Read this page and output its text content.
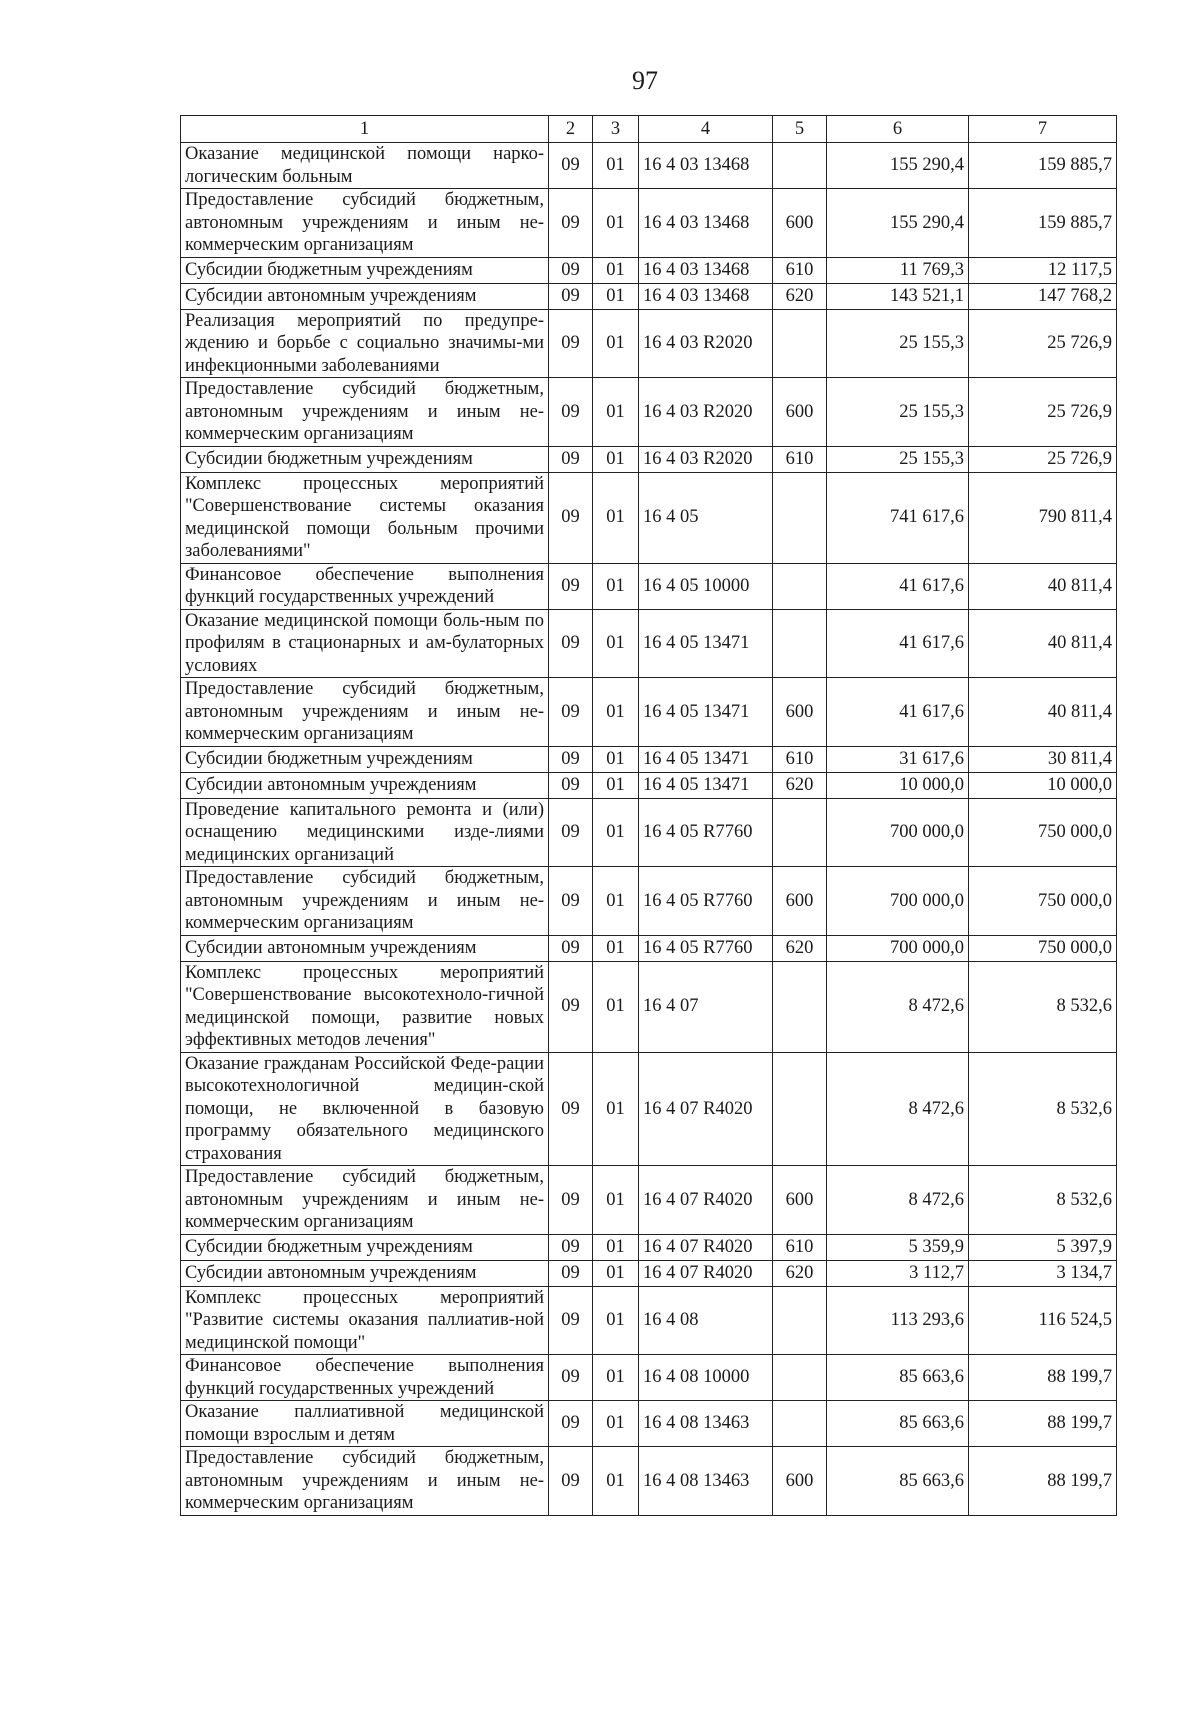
97
1	2	3	4	5	6	7
Оказание медицинской помощи нарко-логическим больным	09	01	16 4 03 13468		155 290,4	159 885,7
Предоставление субсидий бюджетным, автономным учреждениям и иным не-коммерческим организациям	09	01	16 4 03 13468	600	155 290,4	159 885,7
Субсидии бюджетным учреждениям	09	01	16 4 03 13468	610	11 769,3	12 117,5
Субсидии автономным учреждениям	09	01	16 4 03 13468	620	143 521,1	147 768,2
Реализация мероприятий по предупре-ждению и борьбе с социально значимы-ми инфекционными заболеваниями	09	01	16 4 03 R2020		25 155,3	25 726,9
Предоставление субсидий бюджетным, автономным учреждениям и иным не-коммерческим организациям	09	01	16 4 03 R2020	600	25 155,3	25 726,9
Субсидии бюджетным учреждениям	09	01	16 4 03 R2020	610	25 155,3	25 726,9
Комплекс процессных мероприятий "Совершенствование системы оказания медицинской помощи больным прочими заболеваниями"	09	01	16 4 05		741 617,6	790 811,4
Финансовое обеспечение выполнения функций государственных учреждений	09	01	16 4 05 10000		41 617,6	40 811,4
Оказание медицинской помощи боль-ным по профилям в стационарных и ам-булаторных условиях	09	01	16 4 05 13471		41 617,6	40 811,4
Предоставление субсидий бюджетным, автономным учреждениям и иным не-коммерческим организациям	09	01	16 4 05 13471	600	41 617,6	40 811,4
Субсидии бюджетным учреждениям	09	01	16 4 05 13471	610	31 617,6	30 811,4
Субсидии автономным учреждениям	09	01	16 4 05 13471	620	10 000,0	10 000,0
Проведение капитального ремонта и (или) оснащению медицинскими изде-лиями медицинских организаций	09	01	16 4 05 R7760		700 000,0	750 000,0
Предоставление субсидий бюджетным, автономным учреждениям и иным не-коммерческим организациям	09	01	16 4 05 R7760	600	700 000,0	750 000,0
Субсидии автономным учреждениям	09	01	16 4 05 R7760	620	700 000,0	750 000,0
Комплекс процессных мероприятий "Совершенствование высокотехноло-гичной медицинской помощи, развитие новых эффективных методов лечения"	09	01	16 4 07		8 472,6	8 532,6
Оказание гражданам Российской Феде-рации высокотехнологичной медицин-ской помощи, не включенной в базовую программу обязательного медицинского страхования	09	01	16 4 07 R4020		8 472,6	8 532,6
Предоставление субсидий бюджетным, автономным учреждениям и иным не-коммерческим организациям	09	01	16 4 07 R4020	600	8 472,6	8 532,6
Субсидии бюджетным учреждениям	09	01	16 4 07 R4020	610	5 359,9	5 397,9
Субсидии автономным учреждениям	09	01	16 4 07 R4020	620	3 112,7	3 134,7
Комплекс процессных мероприятий "Развитие системы оказания паллиатив-ной медицинской помощи"	09	01	16 4 08		113 293,6	116 524,5
Финансовое обеспечение выполнения функций государственных учреждений	09	01	16 4 08 10000		85 663,6	88 199,7
Оказание паллиативной медицинской помощи взрослым и детям	09	01	16 4 08 13463		85 663,6	88 199,7
Предоставление субсидий бюджетным, автономным учреждениям и иным не-коммерческим организациям	09	01	16 4 08 13463	600	85 663,6	88 199,7
